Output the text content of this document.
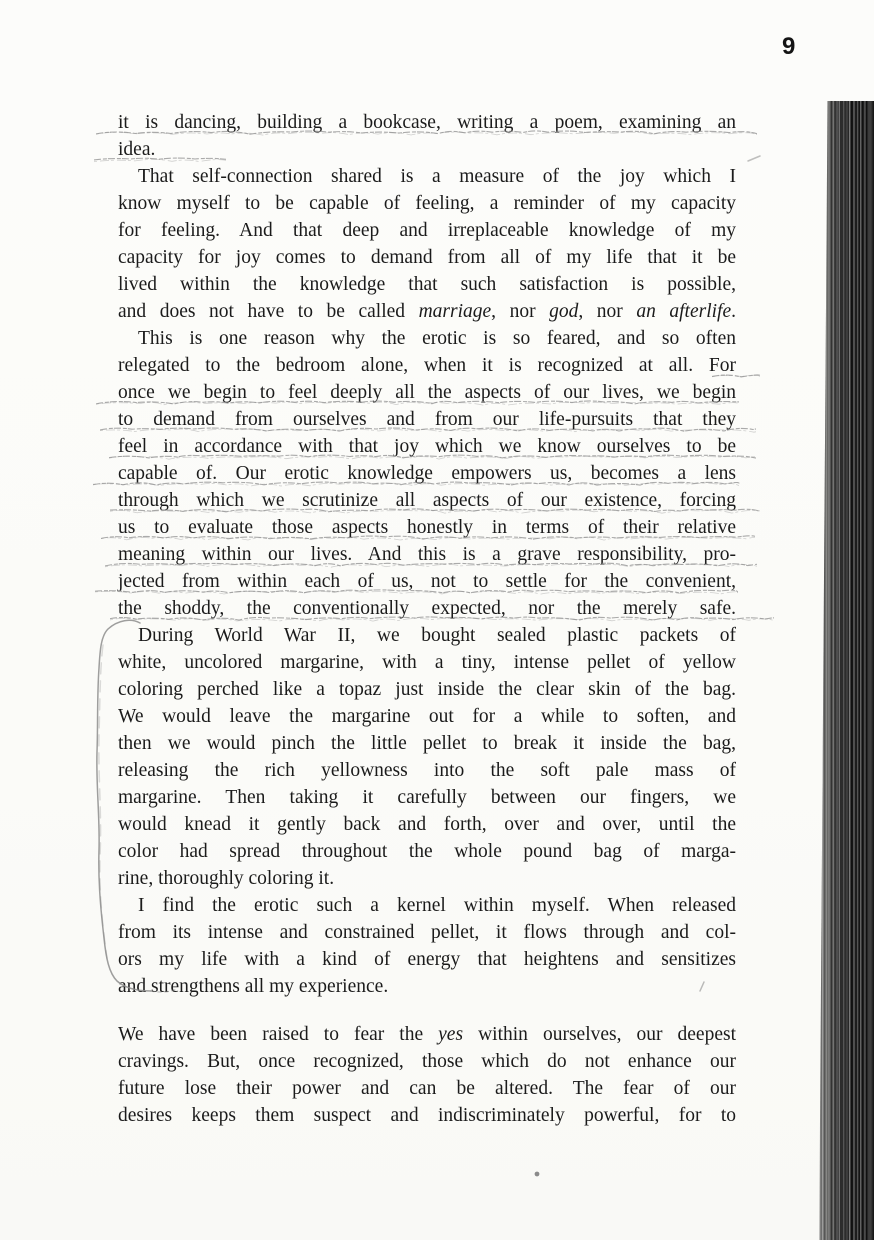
9
it is dancing, building a bookcase, writing a poem, examining an
idea.
That self-connection shared is a measure of the joy which I
know myself to be capable of feeling, a reminder of my capacity
for feeling. And that deep and irreplaceable knowledge of my
capacity for joy comes to demand from all of my life that it be
lived within the knowledge that such satisfaction is possible,
and does not have to be called marriage, nor god, nor an afterlife.
This is one reason why the erotic is so feared, and so often
relegated to the bedroom alone, when it is recognized at all. For
once we begin to feel deeply all the aspects of our lives, we begin
to demand from ourselves and from our life-pursuits that they
feel in accordance with that joy which we know ourselves to be
capable of. Our erotic knowledge empowers us, becomes a lens
through which we scrutinize all aspects of our existence, forcing
us to evaluate those aspects honestly in terms of their relative
meaning within our lives. And this is a grave responsibility, pro-
jected from within each of us, not to settle for the convenient,
the shoddy, the conventionally expected, nor the merely safe.
During World War II, we bought sealed plastic packets of
white, uncolored margarine, with a tiny, intense pellet of yellow
coloring perched like a topaz just inside the clear skin of the bag.
We would leave the margarine out for a while to soften, and
then we would pinch the little pellet to break it inside the bag,
releasing the rich yellowness into the soft pale mass of
margarine. Then taking it carefully between our fingers, we
would knead it gently back and forth, over and over, until the
color had spread throughout the whole pound bag of marga-
rine, thoroughly coloring it.
I find the erotic such a kernel within myself. When released
from its intense and constrained pellet, it flows through and col-
ors my life with a kind of energy that heightens and sensitizes
and strengthens all my experience.
We have been raised to fear the yes within ourselves, our deepest
cravings. But, once recognized, those which do not enhance our
future lose their power and can be altered. The fear of our
desires keeps them suspect and indiscriminately powerful, for to
